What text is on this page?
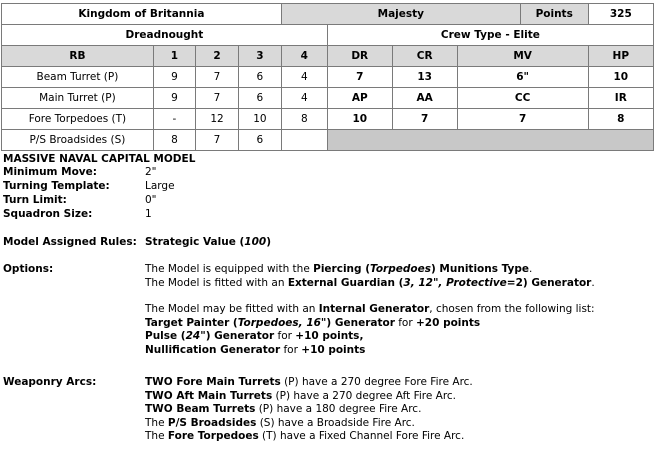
Kingdom of Britannia				Majesty				Points	325
Dreadnought					Crew Type - Elite				
RB	1	2	3	4	DR	CR	MV		HP
Beam Turret (P)	9	7	6	4	7	13	6"		10
Main Turret (P)	9	7	6	4	AP	AA	CC		IR
Fore Torpedoes (T)	-	12	10	8	10	7	7		8
P/S Broadsides (S)	8	7	6						
MASSIVE NAVAL CAPITAL MODEL
Minimum Move:	2"
Turning Template:	Large
Turn Limit:	0"
Squadron Size:	1
Model Assigned Rules: Strategic Value (100)
Options:	The Model is equipped with the Piercing (Torpedoes) Munitions Type.
The Model is fitted with an External Guardian (3, 12", Protective=2) Generator.
The Model may be fitted with an Internal Generator, chosen from the following list:
Target Painter (Torpedoes, 16") Generator for +20 points
Pulse (24") Generator for +10 points,
Nullification Generator for +10 points
Weaponry Arcs:	TWO Fore Main Turrets (P) have a 270 degree Fore Fire Arc.
TWO Aft Main Turrets (P) have a 270 degree Aft Fire Arc.
TWO Beam Turrets (P) have a 180 degree Fire Arc.
The P/S Broadsides (S) have a Broadside Fire Arc.
The Fore Torpedoes (T) have a Fixed Channel Fore Fire Arc.
